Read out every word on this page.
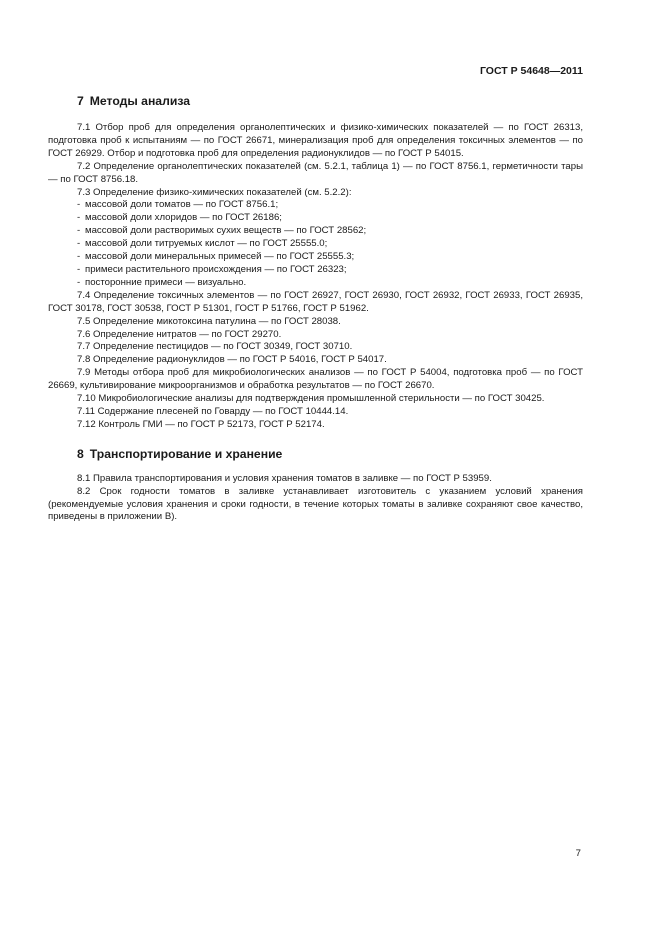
ГОСТ Р 54648—2011
7 Методы анализа

7.1 Отбор проб для определения органолептических и физико-химических показателей — по ГОСТ 26313, подготовка проб к испытаниям — по ГОСТ 26671, минерализация проб для определения токсичных элементов — по ГОСТ 26929. Отбор и подготовка проб для определения радионуклидов — по ГОСТ Р 54015.

7.2 Определение органолептических показателей (см. 5.2.1, таблица 1) — по ГОСТ 8756.1, герметичности тары — по ГОСТ 8756.18.

7.3 Определение физико-химических показателей (см. 5.2.2):

- массовой доли томатов — по ГОСТ 8756.1;
- массовой доли хлоридов — по ГОСТ 26186;
- массовой доли растворимых сухих веществ — по ГОСТ 28562;
- массовой доли титруемых кислот — по ГОСТ 25555.0;
- массовой доли минеральных примесей — по ГОСТ 25555.3;
- примеси растительного происхождения — по ГОСТ 26323;
- посторонние примеси — визуально.

7.4 Определение токсичных элементов — по ГОСТ 26927, ГОСТ 26930, ГОСТ 26932, ГОСТ 26933, ГОСТ 26935, ГОСТ 30178, ГОСТ 30538, ГОСТ Р 51301, ГОСТ Р 51766, ГОСТ Р 51962.

7.5 Определение микотоксина патулина — по ГОСТ 28038.

7.6 Определение нитратов — по ГОСТ 29270.

7.7 Определение пестицидов — по ГОСТ 30349, ГОСТ 30710.

7.8 Определение радионуклидов — по ГОСТ Р 54016, ГОСТ Р 54017.

7.9 Методы отбора проб для микробиологических анализов — по ГОСТ Р 54004, подготовка проб — по ГОСТ 26669, культивирование микроорганизмов и обработка результатов — по ГОСТ 26670.

7.10 Микробиологические анализы для подтверждения промышленной стерильности — по ГОСТ 30425.

7.11 Содержание плесеней по Говарду — по ГОСТ 10444.14.

7.12 Контроль ГМИ — по ГОСТ Р 52173, ГОСТ Р 52174.

8 Транспортирование и хранение

8.1 Правила транспортирования и условия хранения томатов в заливке — по ГОСТ Р 53959.

8.2 Срок годности томатов в заливке устанавливает изготовитель с указанием условий хранения (рекомендуемые условия хранения и сроки годности, в течение которых томаты в заливке сохраняют свое качество, приведены в приложении В).

7
